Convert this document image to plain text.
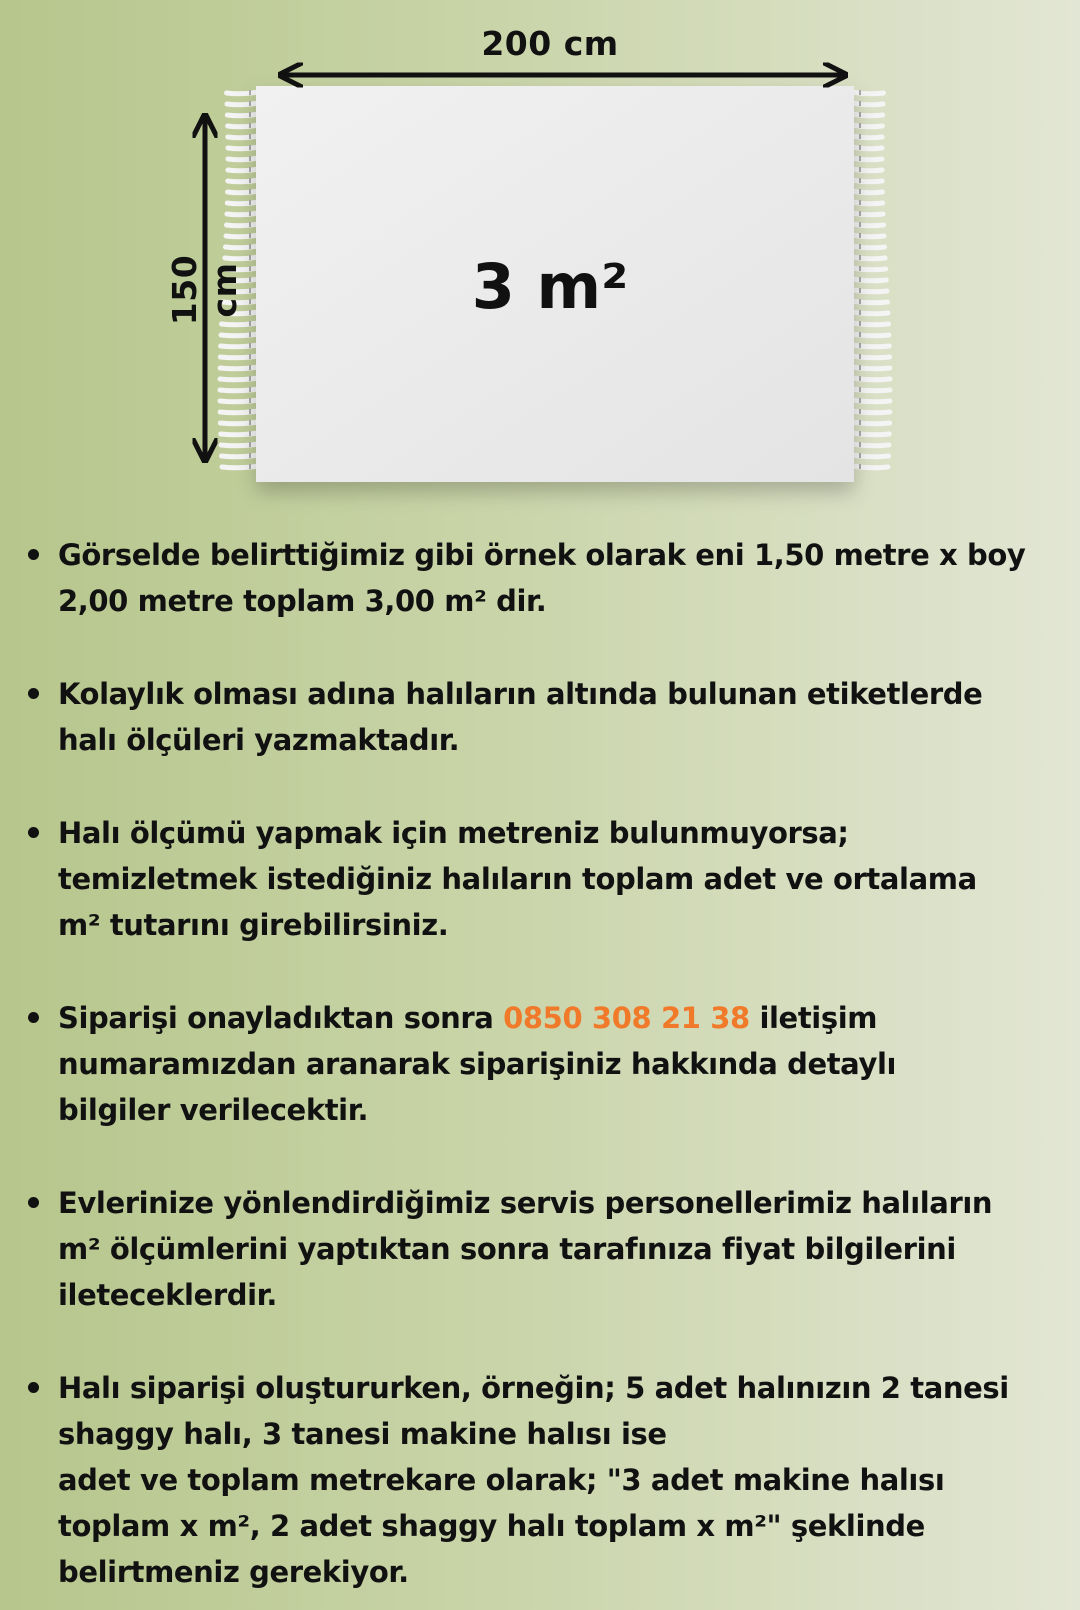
200 cm
150 cm	3 m²
Görselde belirttiğimiz gibi örnek olarak eni 1,50 metre x boy
2,00 metre toplam 3,00 m² dir.
Kolaylık olması adına halıların altında bulunan etiketlerde
halı ölçüleri yazmaktadır.
Halı ölçümü yapmak için metreniz bulunmuyorsa;
temizletmek istediğiniz halıların toplam adet ve ortalama
m² tutarını girebilirsiniz.
Siparişi onayladıktan sonra 0850 308 21 38 iletişim
numaramızdan aranarak siparişiniz hakkında detaylı
bilgiler verilecektir.
Evlerinize yönlendirdiğimiz servis personellerimiz halıların
m² ölçümlerini yaptıktan sonra tarafınıza fiyat bilgilerini
ileteceklerdir.
Halı siparişi oluştururken, örneğin; 5 adet halınızın 2 tanesi
shaggy halı, 3 tanesi makine halısı ise
adet ve toplam metrekare olarak; "3 adet makine halısı
toplam x m², 2 adet shaggy halı toplam x m²" şeklinde
belirtmeniz gerekiyor.
